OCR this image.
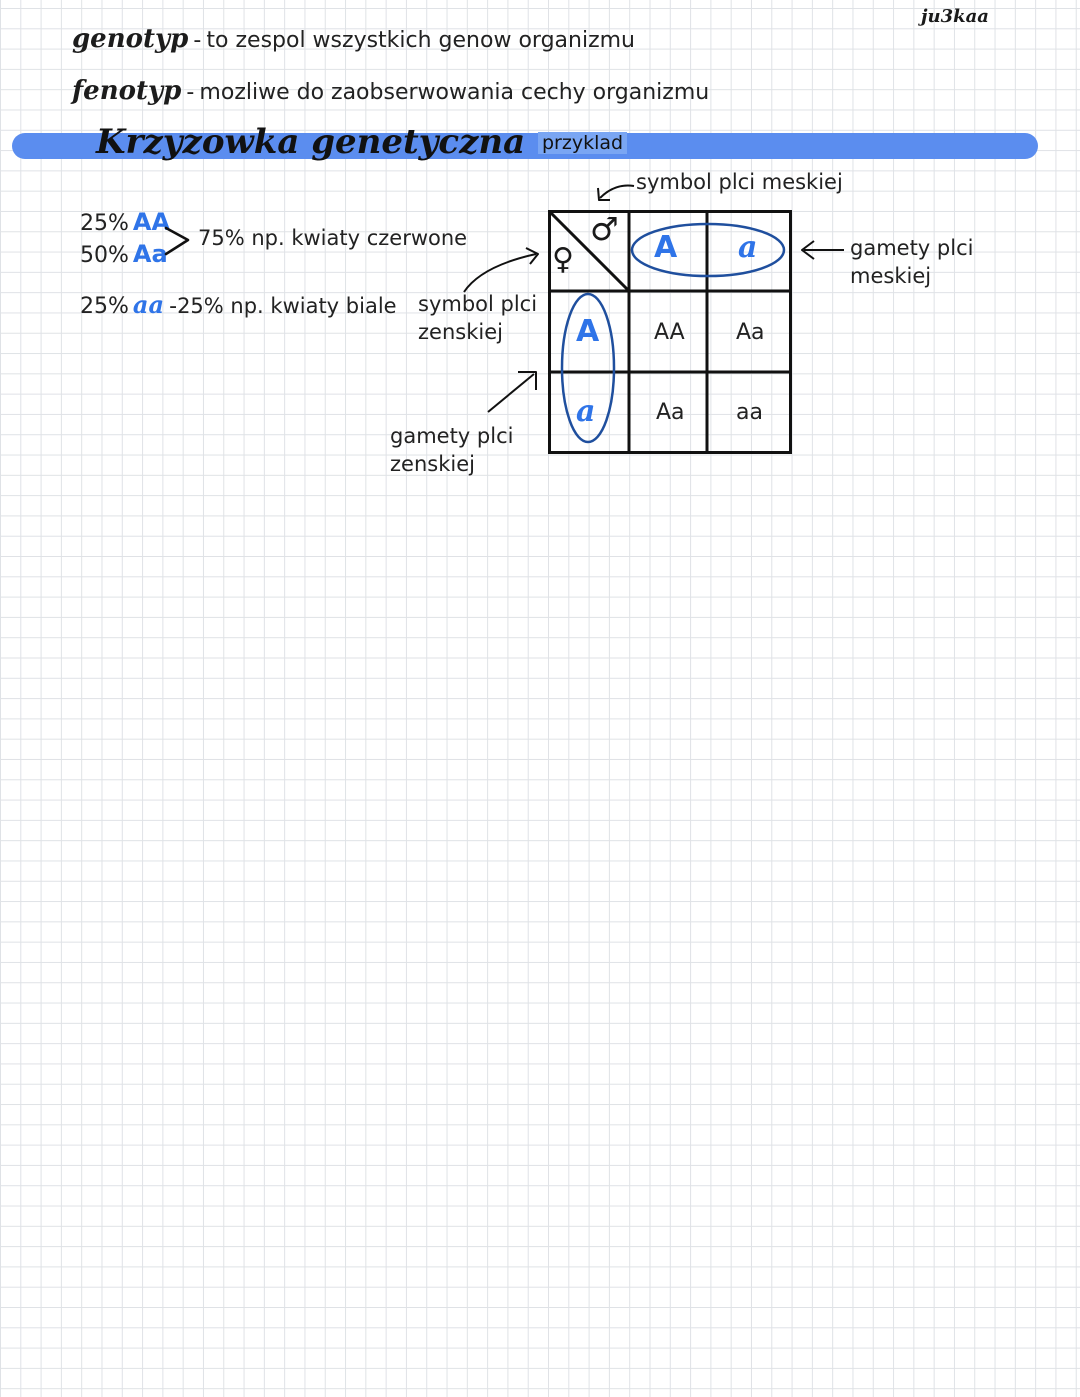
ju3kaa
genotyp - to zespol wszystkich genow organizmu
fenotyp - mozliwe do zaobserwowania cechy organizmu
Krzyzowka genetyczna przyklad
25% AA
50% Aa
75% np. kwiaty czerwone
25% aa -25% np. kwiaty biale
symbol plci meskiej
gamety plci
meskiej
symbol plci
zenskiej
gamety plci
zenskiej
♀
♂ A a
A
a
AA Aa
Aa aa
